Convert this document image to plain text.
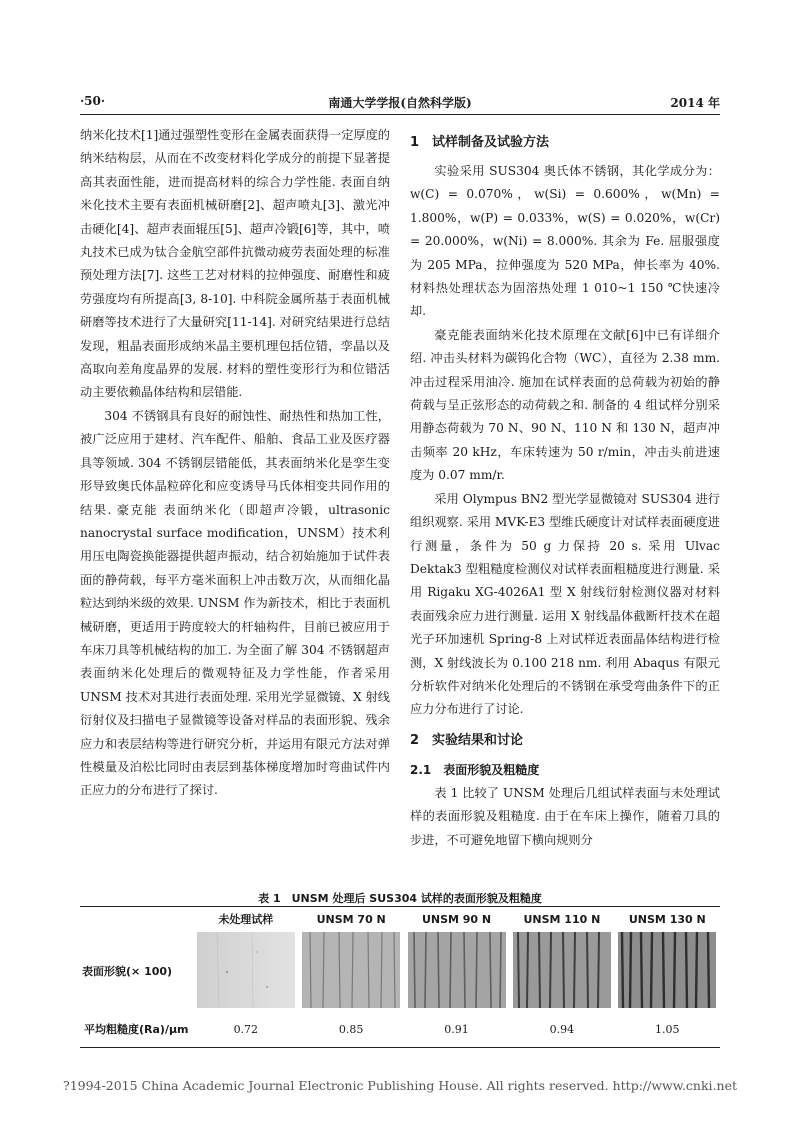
·50·	南通大学学报(自然科学版)	2014 年

纳米化技术[1]通过强塑性变形在金属表面获得一定厚度的纳米结构层，从而在不改变材料化学成分的前提下显著提高其表面性能，进而提高材料的综合力学性能. 表面自纳米化技术主要有表面机械研磨[2]、超声喷丸[3]、激光冲击硬化[4]、超声表面辊压[5]、超声冷锻[6]等，其中，喷丸技术已成为钛合金航空部件抗微动疲劳表面处理的标准预处理方法[7]. 这些工艺对材料的拉伸强度、耐磨性和疲劳强度均有所提高[3, 8-10]. 中科院金属所基于表面机械研磨等技术进行了大量研究[11-14]. 对研究结果进行总结发现，粗晶表面形成纳米晶主要机理包括位错，孪晶以及高取向差角度晶界的发展. 材料的塑性变形行为和位错活动主要依赖晶体结构和层错能.

304 不锈钢具有良好的耐蚀性、耐热性和热加工性，被广泛应用于建材、汽车配件、船舶、食品工业及医疗器具等领域. 304 不锈钢层错能低，其表面纳米化是孪生变形导致奥氏体晶粒碎化和应变诱导马氏体相变共同作用的结果. 豪克能 表面纳米化（即超声冷锻，ultrasonic nanocrystal surface modification，UNSM）技术利用压电陶瓷换能器提供超声振动，结合初始施加于试件表面的静荷载，每平方毫米面积上冲击数万次，从而细化晶粒达到纳米级的效果. UNSM 作为新技术，相比于表面机械研磨，更适用于跨度较大的杆轴构件，目前已被应用于车床刀具等机械结构的加工. 为全面了解 304 不锈钢超声表面纳米化处理后的微观特征及力学性能，作者采用 UNSM 技术对其进行表面处理. 采用光学显微镜、X 射线衍射仪及扫描电子显微镜等设备对样品的表面形貌、残余应力和表层结构等进行研究分析，并运用有限元方法对弹性模量及泊松比同时由表层到基体梯度增加时弯曲试件内正应力的分布进行了探讨.

1　试样制备及试验方法

实验采用 SUS304 奥氏体不锈钢，其化学成分为：w(C) = 0.070%，w(Si) = 0.600%，w(Mn) = 1.800%，w(P) = 0.033%，w(S) = 0.020%，w(Cr) = 20.000%，w(Ni) = 8.000%. 其余为 Fe. 屈服强度为 205 MPa，拉伸强度为 520 MPa，伸长率为 40%. 材料热处理状态为固溶热处理 1 010~1 150 ℃快速冷却.

豪克能表面纳米化技术原理在文献[6]中已有详细介绍. 冲击头材料为碳钨化合物（WC），直径为 2.38 mm. 冲击过程采用油冷. 施加在试样表面的总荷载为初始的静荷载与呈正弦形态的动荷载之和. 制备的 4 组试样分别采用静态荷载为 70 N、90 N、110 N 和 130 N，超声冲击频率 20 kHz，车床转速为 50 r/min，冲击头前进速度为 0.07 mm/r.

采用 Olympus BN2 型光学显微镜对 SUS304 进行组织观察. 采用 MVK-E3 型维氏硬度计对试样表面硬度进行测量，条件为 50 g 力保持 20 s. 采用 Ulvac Dektak3 型粗糙度检测仪对试样表面粗糙度进行测量. 采用 Rigaku XG-4026A1 型 X 射线衍射检测仪器对材料表面残余应力进行测量. 运用 X 射线晶体截断杆技术在超光子环加速机 Spring-8 上对试样近表面晶体结构进行检测，X 射线波长为 0.100 218 nm. 利用 Abaqus 有限元分析软件对纳米化处理后的不锈钢在承受弯曲条件下的正应力分布进行了讨论.

2　实验结果和讨论
2.1　表面形貌及粗糙度

表 1 比较了 UNSM 处理后几组试样表面与未处理试样的表面形貌及粗糙度. 由于在车床上操作，随着刀具的步进，不可避免地留下横向规则分

表 1　UNSM 处理后 SUS304 试样的表面形貌及粗糙度
	未处理试样	UNSM 70 N	UNSM 90 N	UNSM 110 N	UNSM 130 N
表面形貌(× 100)					
平均粗糙度(Ra)/μm	0.72	0.85	0.91	0.94	1.05
?1994-2015 China Academic Journal Electronic Publishing House. All rights reserved. http://www.cnki.net
